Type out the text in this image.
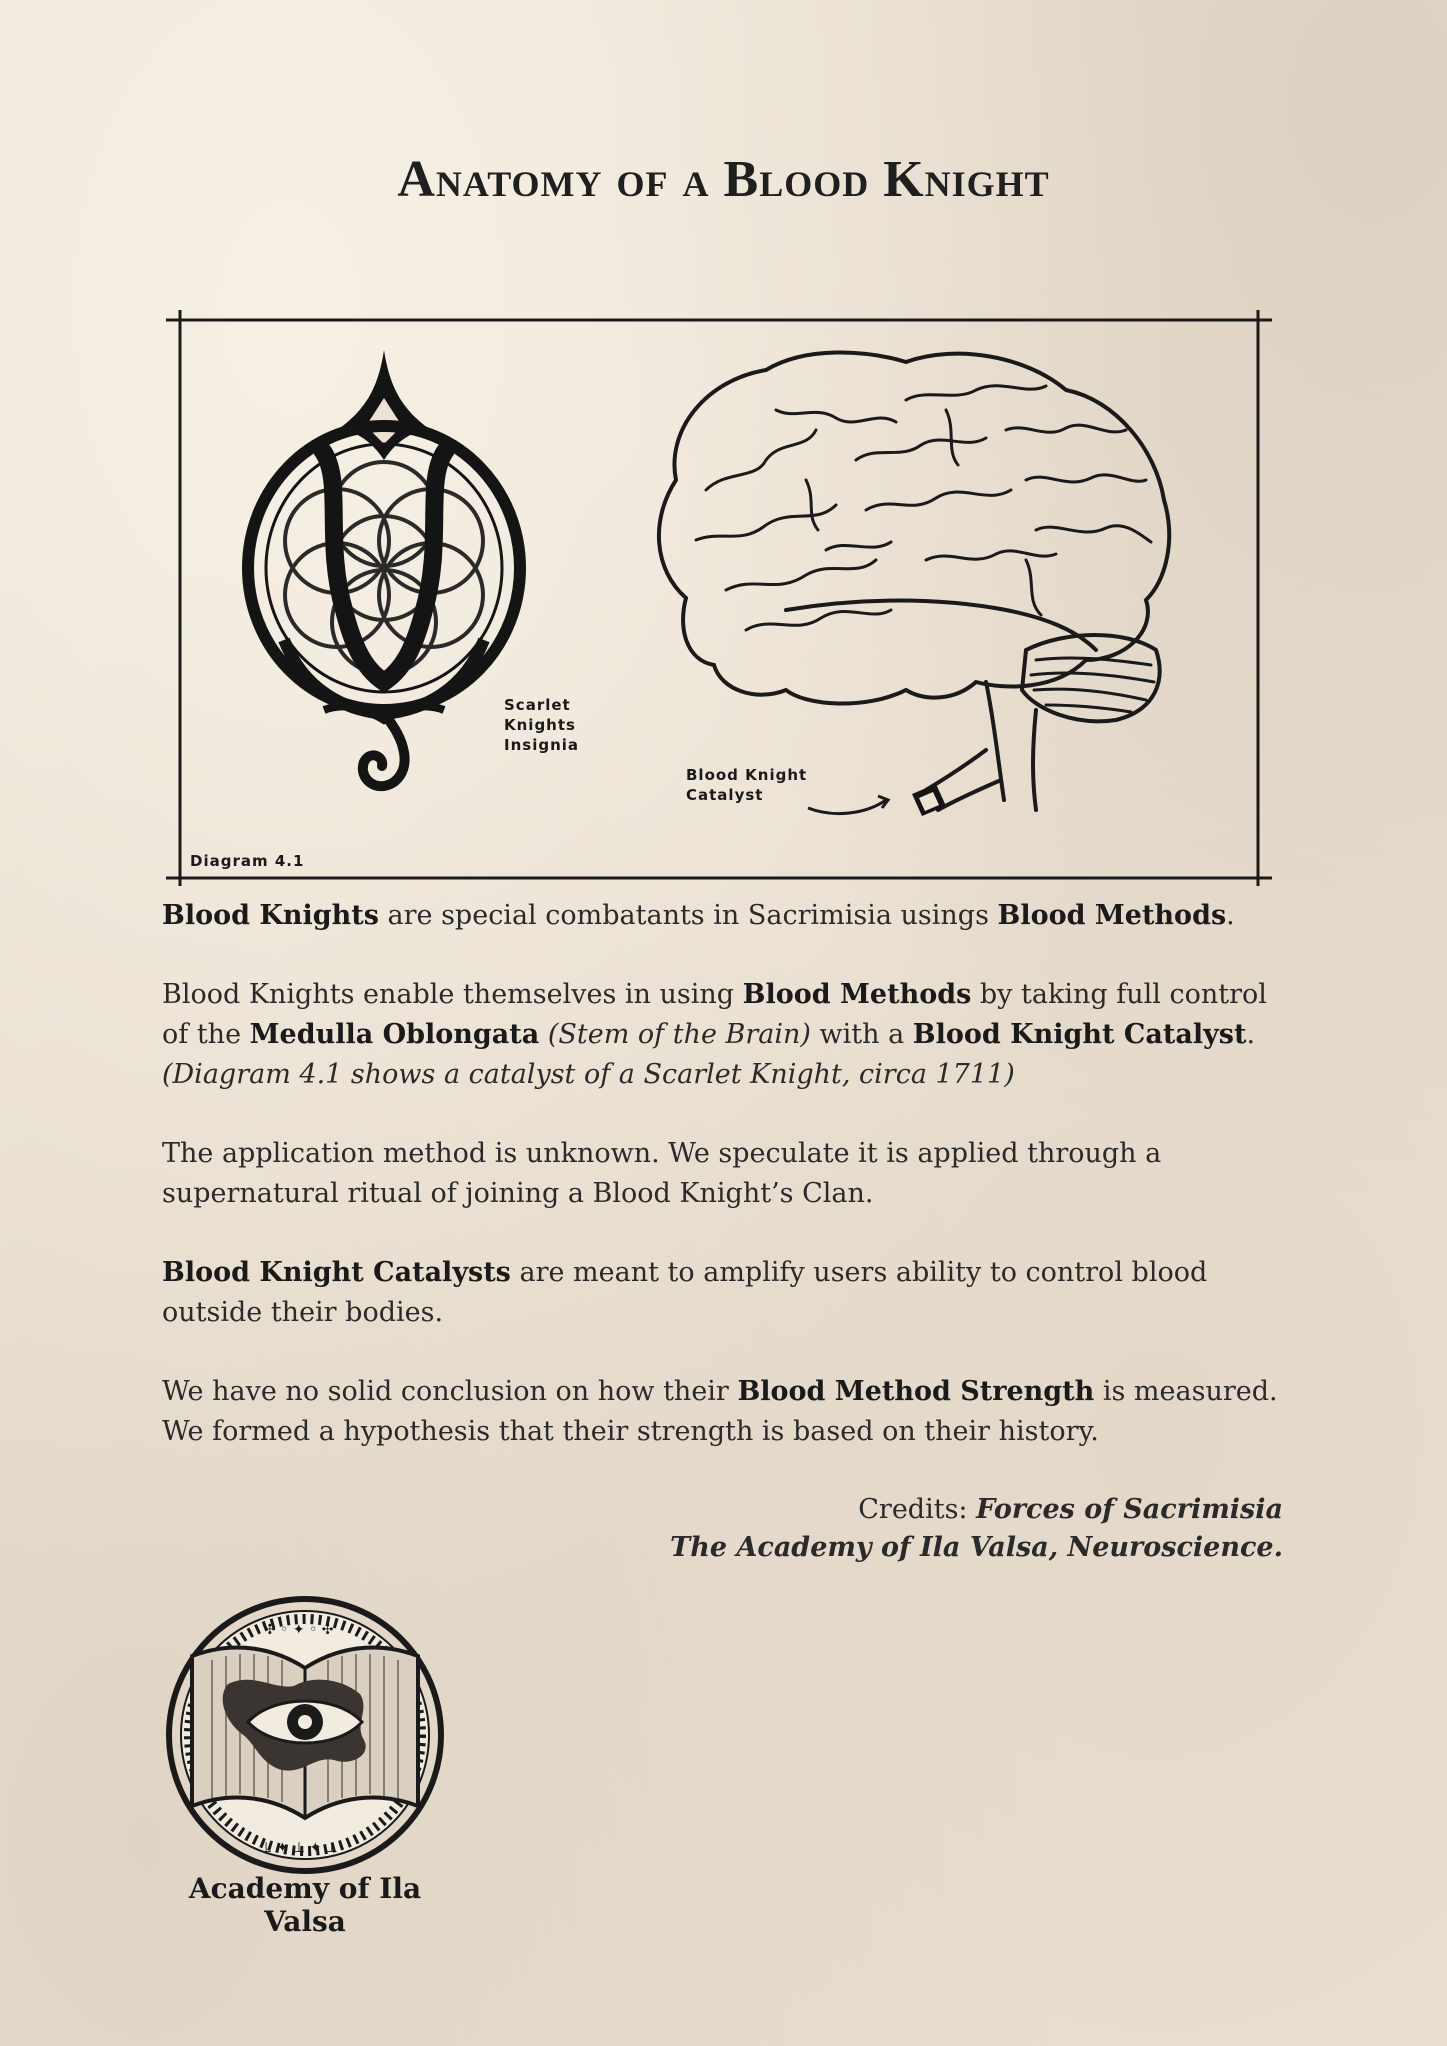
Anatomy of a Blood Knight
Scarlet
Knights
Insignia
Blood Knight
Catalyst
Diagram 4.1

Blood Knights are special combatants in Sacrimisia usings Blood Methods.

Blood Knights enable themselves in using Blood Methods by taking full control of the Medulla Oblongata (Stem of the Brain) with a Blood Knight Catalyst. (Diagram 4.1 shows a catalyst of a Scarlet Knight, circa 1711)

The application method is unknown. We speculate it is applied through a supernatural ritual of joining a Blood Knight’s Clan.

Blood Knight Catalysts are meant to amplify users ability to control blood outside their bodies.

We have no solid conclusion on how their Blood Method Strength is measured. We formed a hypothesis that their strength is based on their history.

Credits: Forces of Sacrimisia
The Academy of Ila Valsa, Neuroscience.
✣ ◦ ✦ ◦ ✣
⊥ ✦ ⊥ ✦ ⊥
Academy of Ila Valsa
